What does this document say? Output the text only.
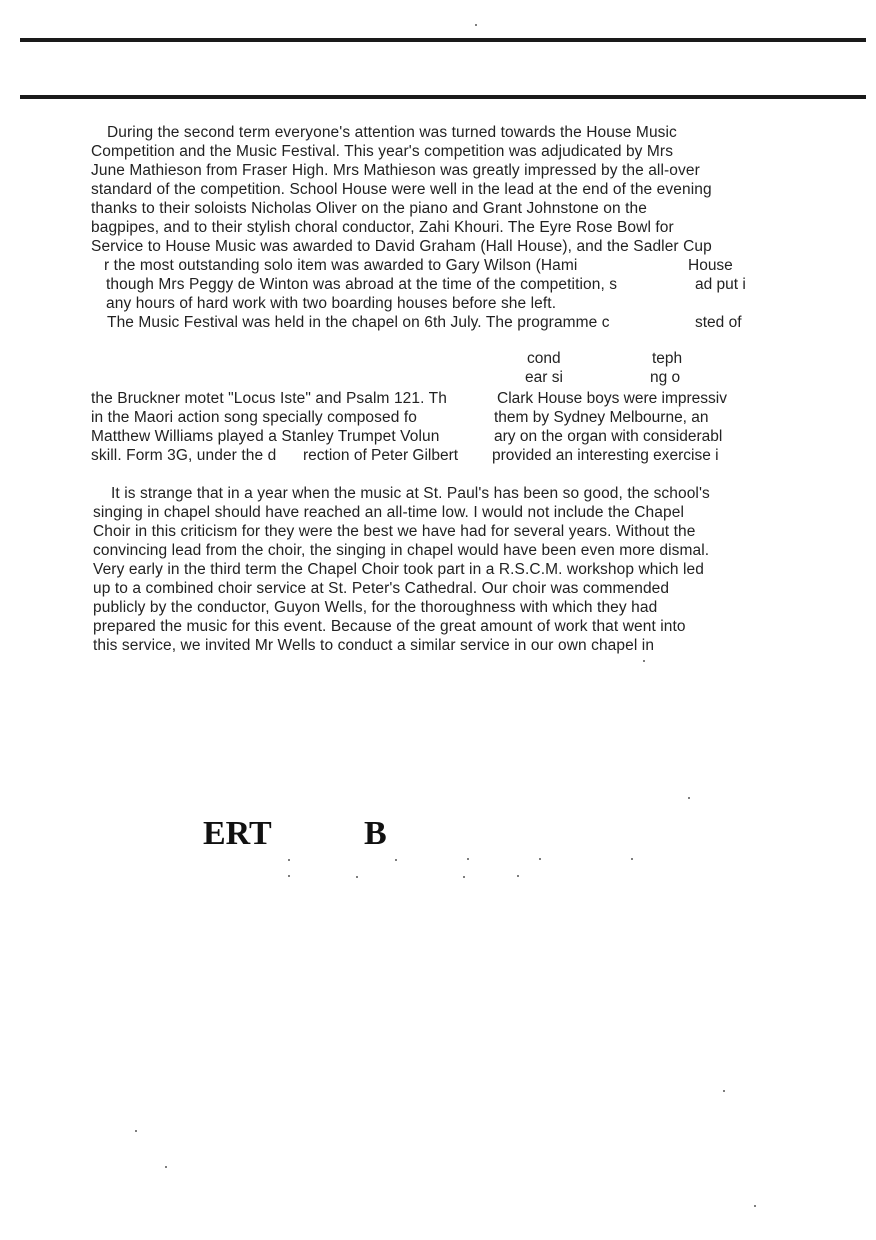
During the second term everyone's attention was turned towards the House Music
Competition and the Music Festival. This year's competition was adjudicated by Mrs
June Mathieson from Fraser High. Mrs Mathieson was greatly impressed by the all-over
standard of the competition. School House were well in the lead at the end of the evening
thanks to their soloists Nicholas Oliver on the piano and Grant Johnstone on the
bagpipes, and to their stylish choral conductor, Zahi Khouri. The Eyre Rose Bowl for
Service to House Music was awarded to David Graham (Hall House), and the Sadler Cup
r the most outstanding solo item was awarded to Gary Wilson (Hami	House
though Mrs Peggy de Winton was abroad at the time of the competition, s	ad put i
any hours of hard work with two boarding houses before she left.
The Music Festival was held in the chapel on 6th July. The programme c	sted of
cond	teph
ear si	ng o
the Bruckner motet "Locus Iste" and Psalm 121. Th	Clark House boys were impressiv
in the Maori action song specially composed fo	them by Sydney Melbourne, an
Matthew Williams played a Stanley Trumpet Volun	ary on the organ with considerabl
skill. Form 3G, under the d rection of Peter Gilbert provided an interesting exercise i
It is strange that in a year when the music at St. Paul's has been so good, the school's
singing in chapel should have reached an all-time low. I would not include the Chapel
Choir in this criticism for they were the best we have had for several years. Without the
convincing lead from the choir, the singing in chapel would have been even more dismal.
Very early in the third term the Chapel Choir took part in a R.S.C.M. workshop which led
up to a combined choir service at St. Peter's Cathedral. Our choir was commended
publicly by the conductor, Guyon Wells, for the thoroughness with which they had
prepared the music for this event. Because of the great amount of work that went into
this service, we invited Mr Wells to conduct a similar service in our own chapel in
ERT	B
